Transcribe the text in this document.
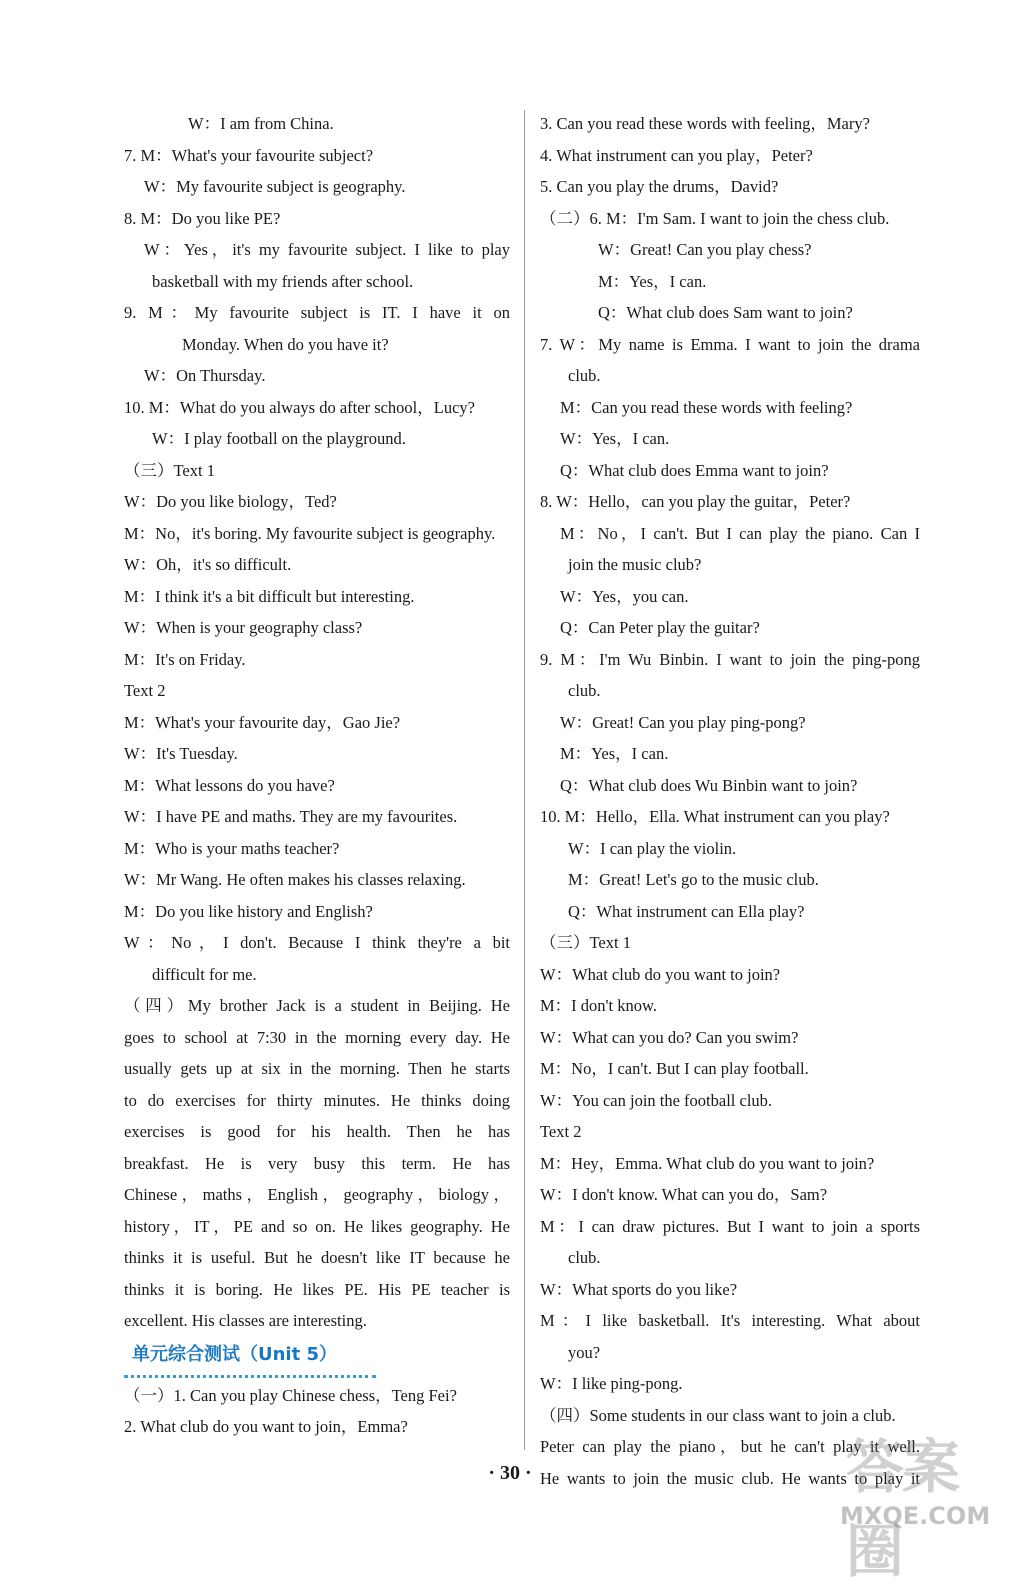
W：I am from China.
7. M：What's your favourite subject?
W：My favourite subject is geography.
8. M：Do you like PE?
W：Yes，it's my favourite subject. I like to play
basketball with my friends after school.
9. M：My favourite subject is IT. I have it on
Monday. When do you have it?
W：On Thursday.
10. M：What do you always do after school，Lucy?
W：I play football on the playground.
（三）Text 1
W：Do you like biology，Ted?
M：No，it's boring. My favourite subject is geography.
W：Oh，it's so difficult.
M：I think it's a bit difficult but interesting.
W：When is your geography class?
M：It's on Friday.
Text 2
M：What's your favourite day，Gao Jie?
W：It's Tuesday.
M：What lessons do you have?
W：I have PE and maths. They are my favourites.
M：Who is your maths teacher?
W：Mr Wang. He often makes his classes relaxing.
M：Do you like history and English?
W：No，I don't. Because I think they're a bit
difficult for me.
（四）My brother Jack is a student in Beijing. He
goes to school at 7:30 in the morning every day. He
usually gets up at six in the morning. Then he starts
to do exercises for thirty minutes. He thinks doing
exercises is good for his health. Then he has
breakfast. He is very busy this term. He has
Chinese，maths，English，geography，biology，
history，IT，PE and so on. He likes geography. He
thinks it is useful. But he doesn't like IT because he
thinks it is boring. He likes PE. His PE teacher is
excellent. His classes are interesting.
单元综合测试（Unit 5）
（一）1. Can you play Chinese chess，Teng Fei?
2. What club do you want to join，Emma?
3. Can you read these words with feeling，Mary?
4. What instrument can you play，Peter?
5. Can you play the drums，David?
（二）6. M：I'm Sam. I want to join the chess club.
W：Great! Can you play chess?
M：Yes，I can.
Q：What club does Sam want to join?
7. W：My name is Emma. I want to join the drama
club.
M：Can you read these words with feeling?
W：Yes，I can.
Q：What club does Emma want to join?
8. W：Hello，can you play the guitar，Peter?
M：No，I can't. But I can play the piano. Can I
join the music club?
W：Yes，you can.
Q：Can Peter play the guitar?
9. M：I'm Wu Binbin. I want to join the ping-pong
club.
W：Great! Can you play ping-pong?
M：Yes，I can.
Q：What club does Wu Binbin want to join?
10. M：Hello，Ella. What instrument can you play?
W：I can play the violin.
M：Great! Let's go to the music club.
Q：What instrument can Ella play?
（三）Text 1
W：What club do you want to join?
M：I don't know.
W：What can you do? Can you swim?
M：No，I can't. But I can play football.
W：You can join the football club.
Text 2
M：Hey，Emma. What club do you want to join?
W：I don't know. What can you do，Sam?
M：I can draw pictures. But I want to join a sports
club.
W：What sports do you like?
M：I like basketball. It's interesting. What about
you?
W：I like ping-pong.
（四）Some students in our class want to join a club.
Peter can play the piano，but he can't play it well.
He wants to join the music club. He wants to play it
· 30 ·	答案圈
MXQE.COM
